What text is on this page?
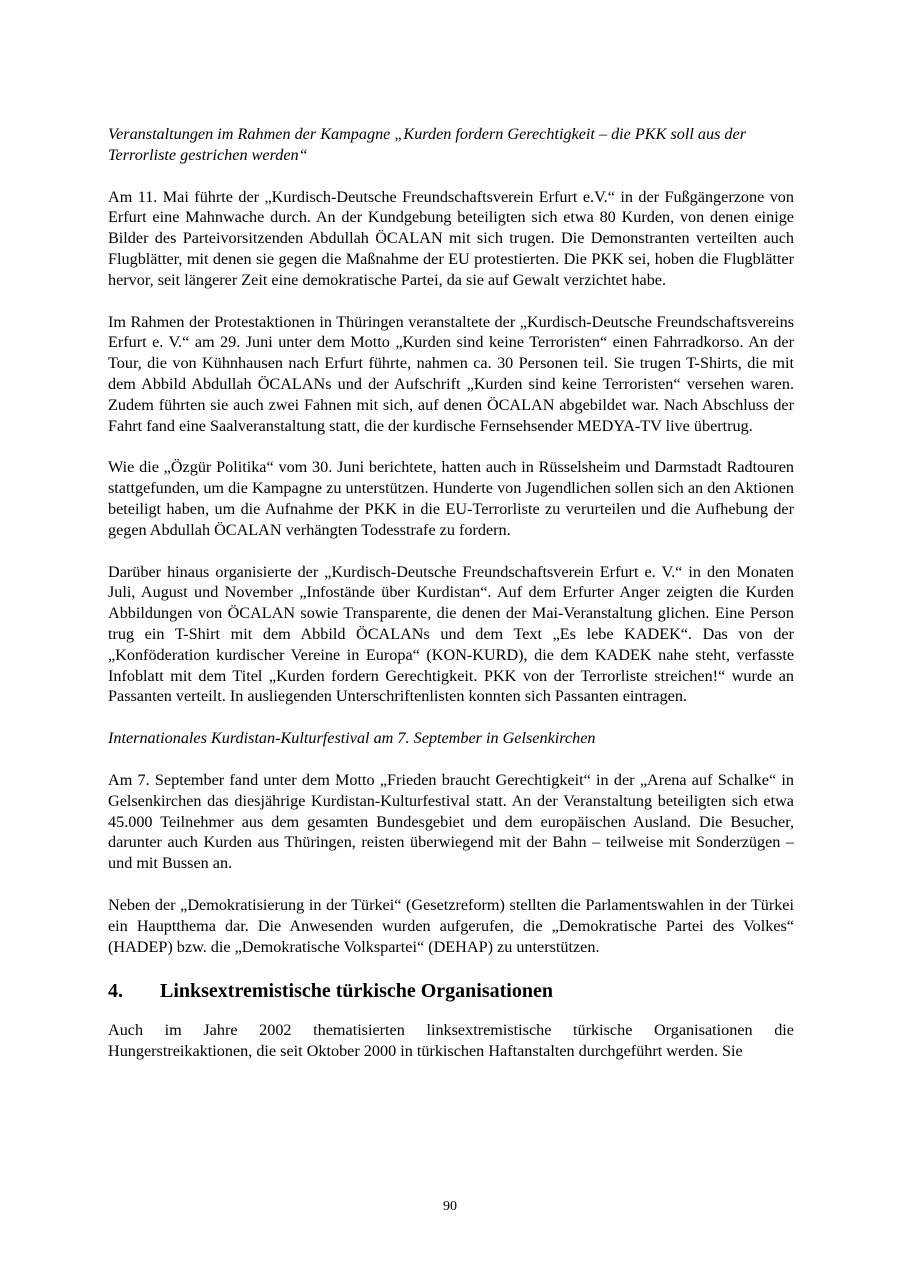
Veranstaltungen im Rahmen der Kampagne „Kurden fordern Gerechtigkeit – die PKK soll aus der Terrorliste gestrichen werden“

Am 11. Mai führte der „Kurdisch-Deutsche Freundschaftsverein Erfurt e.V.“ in der Fußgängerzone von Erfurt eine Mahnwache durch. An der Kundgebung beteiligten sich etwa 80 Kurden, von denen einige Bilder des Parteivorsitzenden Abdullah ÖCALAN mit sich trugen. Die Demonstranten verteilten auch Flugblätter, mit denen sie gegen die Maßnahme der EU protestierten. Die PKK sei, hoben die Flugblätter hervor, seit längerer Zeit eine demokratische Partei, da sie auf Gewalt verzichtet habe.

Im Rahmen der Protestaktionen in Thüringen veranstaltete der „Kurdisch-Deutsche Freundschaftsvereins Erfurt e. V.“ am 29. Juni unter dem Motto „Kurden sind keine Terroristen“ einen Fahrradkorso. An der Tour, die von Kühnhausen nach Erfurt führte, nahmen ca. 30 Personen teil. Sie trugen T-Shirts, die mit dem Abbild Abdullah ÖCALANs und der Aufschrift „Kurden sind keine Terroristen“ versehen waren. Zudem führten sie auch zwei Fahnen mit sich, auf denen ÖCALAN abgebildet war. Nach Abschluss der Fahrt fand eine Saalveranstaltung statt, die der kurdische Fernsehsender MEDYA-TV live übertrug.

Wie die „Özgür Politika“ vom 30. Juni berichtete, hatten auch in Rüsselsheim und Darmstadt Radtouren stattgefunden, um die Kampagne zu unterstützen. Hunderte von Jugendlichen sollen sich an den Aktionen beteiligt haben, um die Aufnahme der PKK in die EU-Terrorliste zu verurteilen und die Aufhebung der gegen Abdullah ÖCALAN verhängten Todesstrafe zu fordern.

Darüber hinaus organisierte der „Kurdisch-Deutsche Freundschaftsverein Erfurt e. V.“ in den Monaten Juli, August und November „Infostände über Kurdistan“. Auf dem Erfurter Anger zeigten die Kurden Abbildungen von ÖCALAN sowie Transparente, die denen der Mai-Veranstaltung glichen. Eine Person trug ein T-Shirt mit dem Abbild ÖCALANs und dem Text „Es lebe KADEK“. Das von der „Konföderation kurdischer Vereine in Europa“ (KON-KURD), die dem KADEK nahe steht, verfasste Infoblatt mit dem Titel „Kurden fordern Gerechtigkeit. PKK von der Terrorliste streichen!“ wurde an Passanten verteilt. In ausliegenden Unterschriftenlisten konnten sich Passanten eintragen.

Internationales Kurdistan-Kulturfestival am 7. September in Gelsenkirchen

Am 7. September fand unter dem Motto „Frieden braucht Gerechtigkeit“ in der „Arena auf Schalke“ in Gelsenkirchen das diesjährige Kurdistan-Kulturfestival statt. An der Veranstaltung beteiligten sich etwa 45.000 Teilnehmer aus dem gesamten Bundesgebiet und dem europäischen Ausland. Die Besucher, darunter auch Kurden aus Thüringen, reisten überwiegend mit der Bahn – teilweise mit Sonderzügen – und mit Bussen an.

Neben der „Demokratisierung in der Türkei“ (Gesetzreform) stellten die Parlamentswahlen in der Türkei ein Hauptthema dar. Die Anwesenden wurden aufgerufen, die „Demokratische Partei des Volkes“ (HADEP) bzw. die „Demokratische Volkspartei“ (DEHAP) zu unterstützen.

4. Linksextremistische türkische Organisationen

Auch im Jahre 2002 thematisierten linksextremistische türkische Organisationen die Hungerstreikaktionen, die seit Oktober 2000 in türkischen Haftanstalten durchgeführt werden. Sie

90
